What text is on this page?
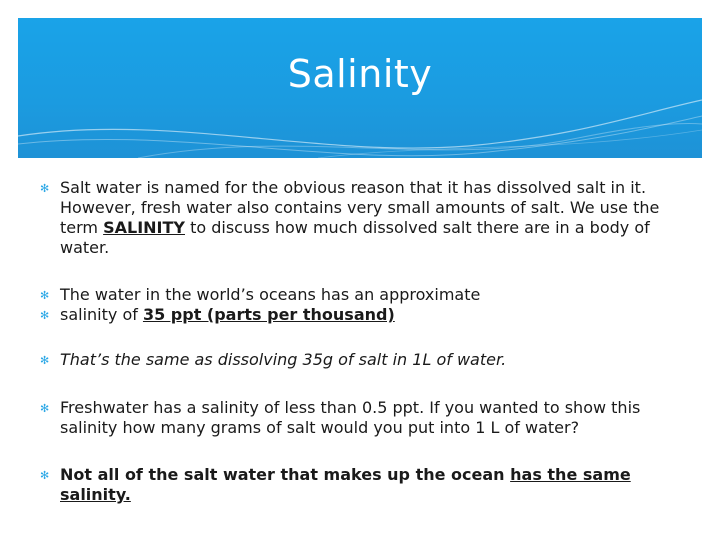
Salinity
✻ Salt water is named for the obvious reason that it has dissolved salt in it. However, fresh water also contains very small amounts of salt. We use the term SALINITY to discuss how much dissolved salt there are in a body of water.
✻ The water in the world’s oceans has an approximate
✻ salinity of 35 ppt (parts per thousand)
✻ That’s the same as dissolving 35g of salt in 1L of water.
✻ Freshwater has a salinity of less than 0.5 ppt. If you wanted to show this salinity how many grams of salt would you put into 1 L of water?
✻ Not all of the salt water that makes up the ocean has the same salinity.
